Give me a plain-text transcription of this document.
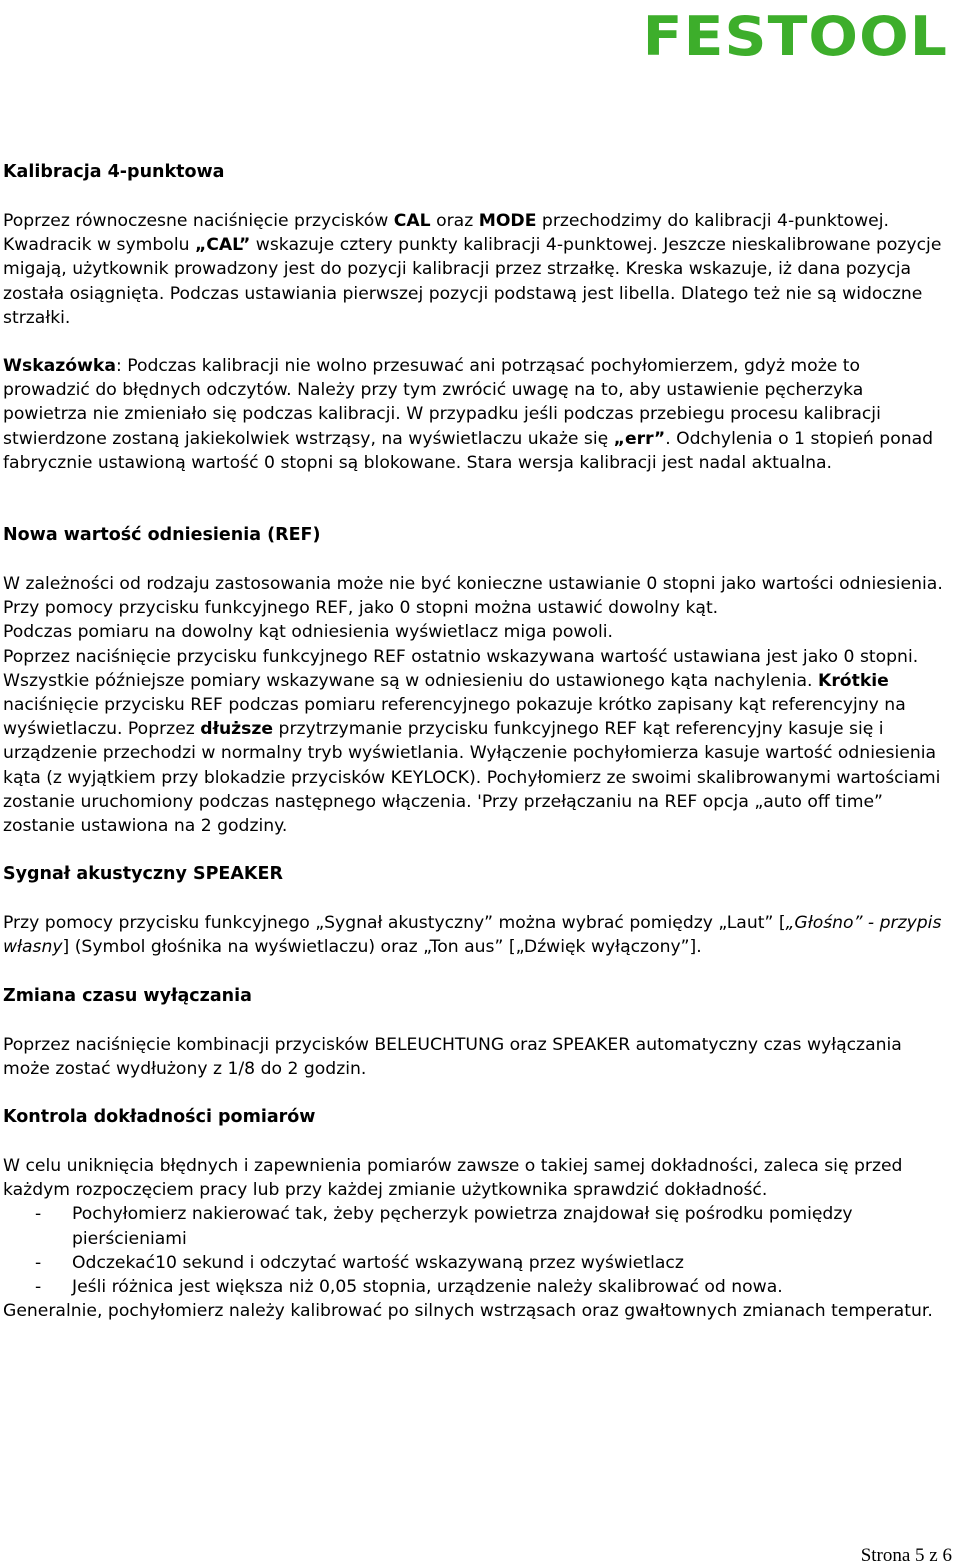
FESTOOL
Kalibracja 4-punktowa

Poprzez równoczesne naciśnięcie przycisków CAL oraz MODE przechodzimy do kalibracji 4-punktowej.

Kwadracik w symbolu „CAL” wskazuje cztery punkty kalibracji 4-punktowej. Jeszcze nieskalibrowane pozycje migają, użytkownik prowadzony jest do pozycji kalibracji przez strzałkę. Kreska wskazuje, iż dana pozycja została osiągnięta. Podczas ustawiania pierwszej pozycji podstawą jest libella. Dlatego też nie są widoczne strzałki.

Wskazówka: Podczas kalibracji nie wolno przesuwać ani potrząsać pochyłomierzem, gdyż może to prowadzić do błędnych odczytów. Należy przy tym zwrócić uwagę na to, aby ustawienie pęcherzyka powietrza nie zmieniało się podczas kalibracji. W przypadku jeśli podczas przebiegu procesu kalibracji stwierdzone zostaną jakiekolwiek wstrząsy, na wyświetlaczu ukaże się „err”. Odchylenia o 1 stopień ponad fabrycznie ustawioną wartość 0 stopni są blokowane. Stara wersja kalibracji jest nadal aktualna.

Nowa wartość odniesienia (REF)

W zależności od rodzaju zastosowania może nie być konieczne ustawianie 0 stopni jako wartości odniesienia. Przy pomocy przycisku funkcyjnego REF, jako 0 stopni można ustawić dowolny kąt.

Podczas pomiaru na dowolny kąt odniesienia wyświetlacz miga powoli.

Poprzez naciśnięcie przycisku funkcyjnego REF ostatnio wskazywana wartość ustawiana jest jako 0 stopni. Wszystkie późniejsze pomiary wskazywane są w odniesieniu do ustawionego kąta nachylenia. Krótkie naciśnięcie przycisku REF podczas pomiaru referencyjnego pokazuje krótko zapisany kąt referencyjny na wyświetlaczu. Poprzez dłuższe przytrzymanie przycisku funkcyjnego REF kąt referencyjny kasuje się i urządzenie przechodzi w normalny tryb wyświetlania. Wyłączenie pochyłomierza kasuje wartość odniesienia kąta (z wyjątkiem przy blokadzie przycisków KEYLOCK). Pochyłomierz ze swoimi skalibrowanymi wartościami zostanie uruchomiony podczas następnego włączenia. 'Przy przełączaniu na REF opcja „auto off time” zostanie ustawiona na 2 godziny.

Sygnał akustyczny SPEAKER

Przy pomocy przycisku funkcyjnego „Sygnał akustyczny” można wybrać pomiędzy „Laut” [„Głośno” - przypis własny] (Symbol głośnika na wyświetlaczu) oraz „Ton aus” [„Dźwięk wyłączony”].

Zmiana czasu wyłączania

Poprzez naciśnięcie kombinacji przycisków BELEUCHTUNG oraz SPEAKER automatyczny czas wyłączania może zostać wydłużony z 1/8 do 2 godzin.

Kontrola dokładności pomiarów

W celu uniknięcia błędnych i zapewnienia pomiarów zawsze o takiej samej dokładności, zaleca się przed każdym rozpoczęciem pracy lub przy każdej zmianie użytkownika sprawdzić dokładność.

- Pochyłomierz nakierować tak, żeby pęcherzyk powietrza znajdował się pośrodku pomiędzy pierścieniami
- Odczekać10 sekund i odczytać wartość wskazywaną przez wyświetlacz
- Jeśli różnica jest większa niż 0,05 stopnia, urządzenie należy skalibrować od nowa.

Generalnie, pochyłomierz należy kalibrować po silnych wstrząsach oraz gwałtownych zmianach temperatur.

Strona 5 z 6
